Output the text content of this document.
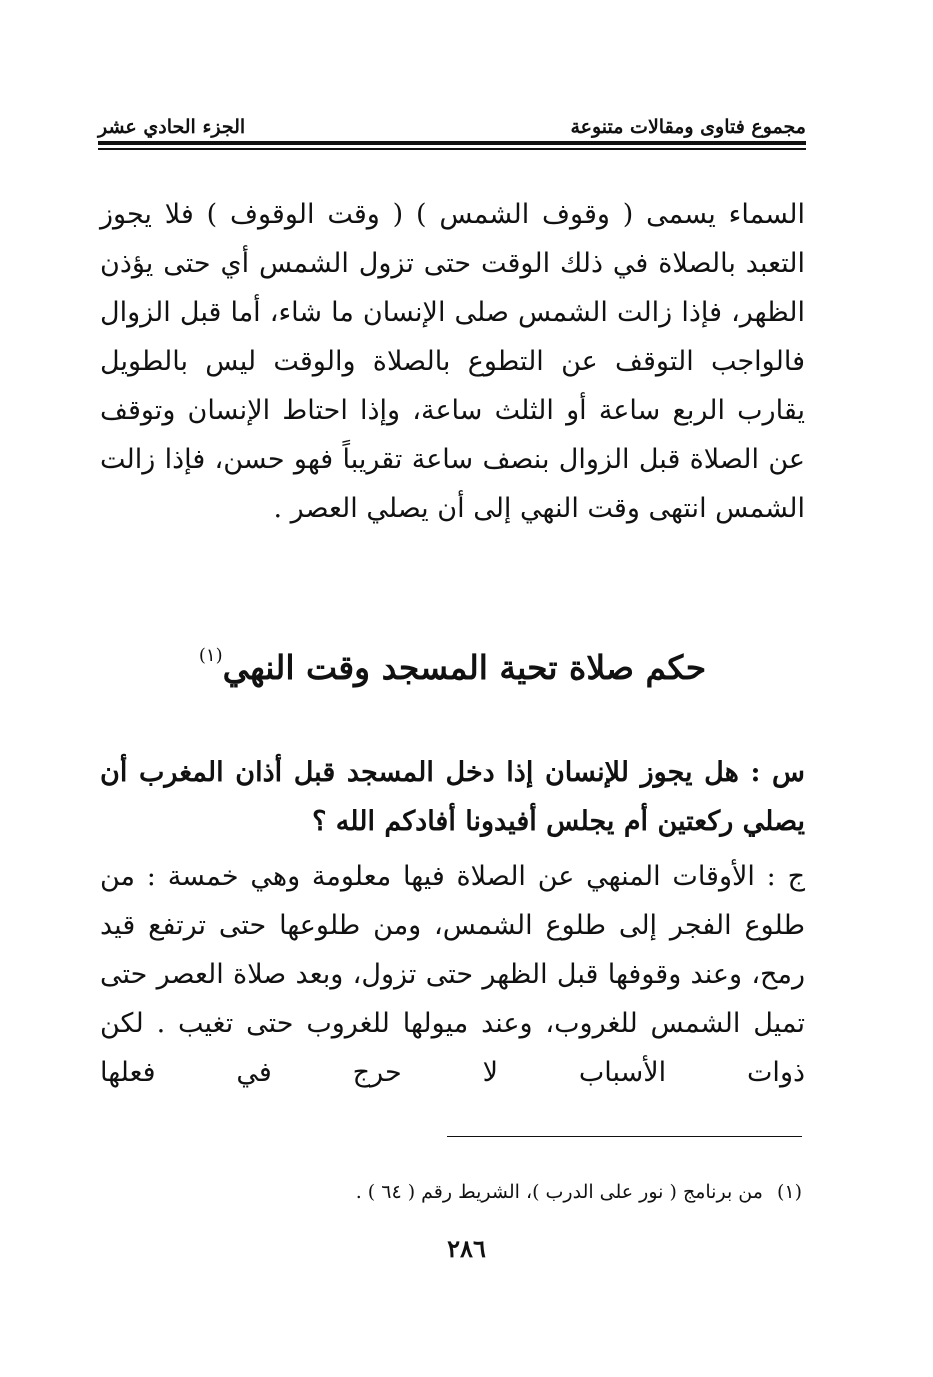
مجموع فتاوى ومقالات متنوعة
الجزء الحادي عشر

السماء يسمى ( وقوف الشمس ) ( وقت الوقوف ) فلا يجوز التعبد بالصلاة في ذلك الوقت حتى تزول الشمس أي حتى يؤذن الظهر، فإذا زالت الشمس صلى الإنسان ما شاء، أما قبل الزوال فالواجب التوقف عن التطوع بالصلاة والوقت ليس بالطويل يقارب الربع ساعة أو الثلث ساعة، وإذا احتاط الإنسان وتوقف عن الصلاة قبل الزوال بنصف ساعة تقريباً فهو حسن، فإذا زالت الشمس انتهى وقت النهي إلى أن يصلي العصر .

حكم صلاة تحية المسجد وقت النهي$^{(١)}$

س : هل يجوز للإنسان إذا دخل المسجد قبل أذان المغرب أن يصلي ركعتين أم يجلس أفيدونا أفادكم الله ؟

ج : الأوقات المنهي عن الصلاة فيها معلومة وهي خمسة : من طلوع الفجر إلى طلوع الشمس، ومن طلوعها حتى ترتفع قيد رمح، وعند وقوفها قبل الظهر حتى تزول، وبعد صلاة العصر حتى تميل الشمس للغروب، وعند ميولها للغروب حتى تغيب . لكن ذوات الأسباب لا حرج في فعلها

(١)من برنامج ( نور على الدرب )، الشريط رقم ( ٦٤ ) .

٢٨٦
